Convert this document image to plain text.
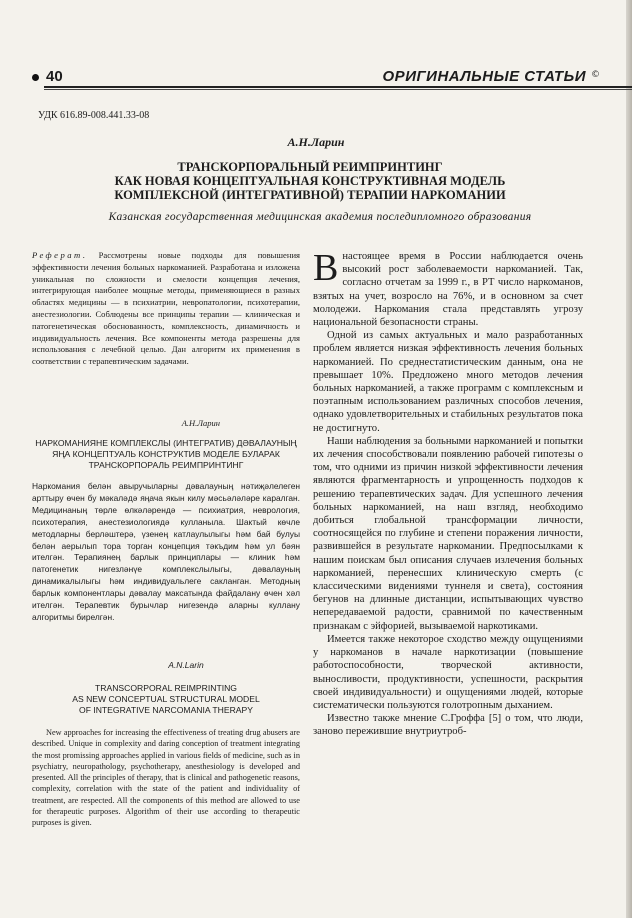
40	ОРИГИНАЛЬНЫЕ СТАТЬИ ©
УДК 616.89-008.441.33-08
А.Н.Ларин
ТРАНСКОРПОРАЛЬНЫЙ РЕИМПРИНТИНГ
КАК НОВАЯ КОНЦЕПТУАЛЬНАЯ КОНСТРУКТИВНАЯ МОДЕЛЬ
КОМПЛЕКСНОЙ (ИНТЕГРАТИВНОЙ) ТЕРАПИИ НАРКОМАНИИ
Казанская государственная медицинская академия последипломного образования
Реферат. Рассмотрены новые подходы для повышения эффективности лечения больных наркоманией. Разработана и изложена уникальная по сложности и смелости концепция лечения, интегрирующая наиболее мощные методы, применяющиеся в разных областях медицины — в психиатрии, невропатологии, психотерапии, анестезиологии. Соблюдены все принципы терапии — клиническая и патогенетическая обоснованность, комплексность, динамичность и индивидуальность лечения. Все компоненты метода разрешены для использования с лечебной целью. Дан алгоритм их применения в соответствии с терапевтическим задачами.
А.Н.Ларин
НАРКОМАНИЯНЕ КОМПЛЕКСЛЫ (ИНТЕГРАТИВ) ДӘВАЛАУНЫҢ ЯҢА КОНЦЕПТУАЛЬ КОНСТРУКТИВ МОДЕЛЕ БУЛАРАК ТРАНСКОРПОРАЛЬ РЕИМПРИНТИНГ
Наркомания белән авыручыларны дәвалауның нәтиҗәлелеген арттыру өчен бу мәкаләдә яңача якын килу мәсьәләләре каралган. Медицинаның төрле өлкәләрендә — психиатрия, неврология, психотерапия, анестезиологиядә кулланыла. Шактый көчле методларны берләштерә, үзенең катлаулылыгы һәм бай булуы белән аерылып тора торган концепция тәкъдим һәм ул бәян ителгән. Терапиянең барлык принциплары — клиник һәм патогенетик нигезләнүе комплекслылыгы, дәвалауның динамикалылыгы һәм индивидуальлеге сакланган. Методның барлык компонентлары дәвалау максатында файдалану өчен хәл ителгән. Терапевтик бурычлар нигезендә аларны куллану алгоритмы бирелгән.
A.N.Larin
TRANSCORPORAL REIMPRINTING
AS NEW CONCEPTUAL STRUCTURAL MODEL
OF INTEGRATIVE NARCOMANIA THERAPY
New approaches for increasing the effectiveness of treating drug abusers are described. Unique in complexity and daring conception of treatment integrating the most promissing approaches applied in various fields of medicine, such as in psychiatry, neuropathology, psychotherapy, anesthesiology is developed and presented. All the principles of therapy, that is clinical and pathogenetic reasons, complexity, correlation with the state of the patient and individuality of treatment, are respected. All the components of this method are allowed to use for therapeutic purposes. Algorithm of their use according to therapeutic purposes is given.

Внастоящее время в России наблюдается очень высокий рост заболеваемости наркоманией. Так, согласно отчетам за 1999 г., в РТ число наркоманов, взятых на учет, возросло на 76%, и в основном за счет молодежи. Наркомания стала представлять угрозу национальной безопасности страны.

Одной из самых актуальных и мало разработанных проблем является низкая эффективность лечения больных наркоманией. По среднестатистическим данным, она не превышает 10%. Предложено много методов лечения больных наркоманией, а также программ с комплексным и поэтапным использованием различных способов лечения, однако удовлетворительных и стабильных результатов пока не достигнуто.

Наши наблюдения за больными наркоманией и попытки их лечения способствовали появлению рабочей гипотезы о том, что одними из причин низкой эффективности лечения являются фрагментарность и упрощенность подходов к решению терапевтических задач. Для успешного лечения больных наркоманией, на наш взгляд, необходимо добиться глобальной трансформации личности, соотносящейся по глубине и степени поражения личности, развившейся в результате наркомании. Предпосылками к нашим поискам был описания случаев излечения больных наркоманией, перенесших клиническую смерть (с классическими видениями туннеля и света), состояния бегунов на длинные дистанции, испытывающих чувство непередаваемой радости, сравнимой по качественным признакам с эйфорией, вызываемой наркотиками.

Имеется также некоторое сходство между ощущениями у наркоманов в начале наркотизации (повышение работоспособности, творческой активности, выносливости, продуктивности, успешности, раскрытия своей индивидуальности) и ощущениями людей, которые систематически пользуются голотропным дыханием.

Известно также мнение С.Гроффа [5] о том, что люди, заново пережившие внутриутроб-
